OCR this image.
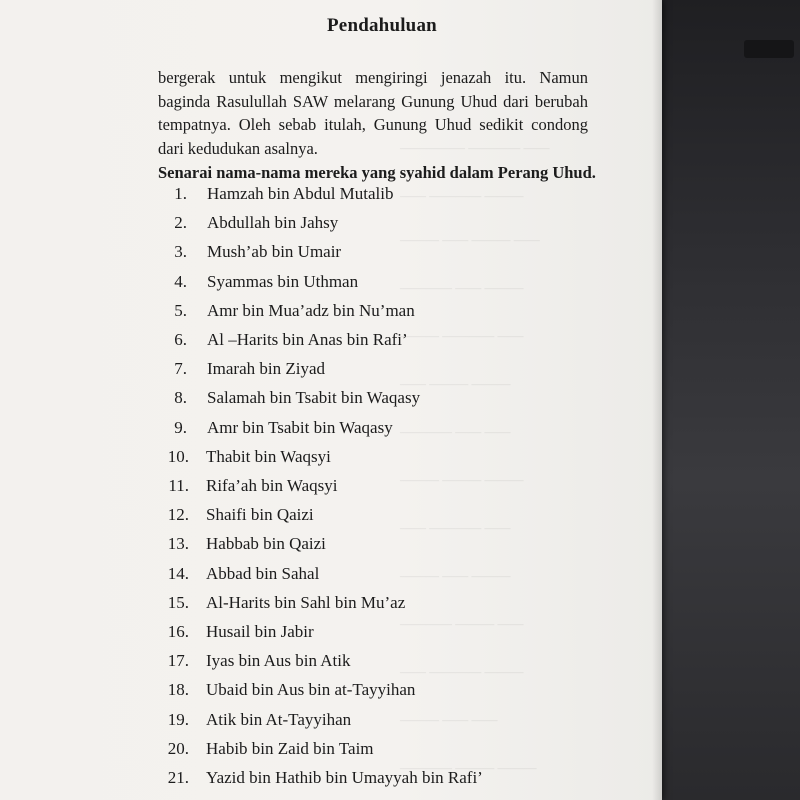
—— ———— —————
——— ———— ——
—— ——— —— ———
——— —— ————
—— ———— ———
——— ——— ——
—— —— ————
——— ——— ———
—— ———— ——
——— —— ———
—— ——— ————
——— ———— ——
—— —— ———
——— ——— ————
Pendahuluan

bergerak untuk mengikut mengiringi jenazah itu. Namun baginda Rasulullah SAW melarang Gunung Uhud dari berubah tempatnya. Oleh sebab itulah, Gunung Uhud sedikit condong dari kedudukan asalnya.

Senarai nama-nama mereka yang syahid dalam Perang Uhud.

1. Hamzah bin Abdul Mutalib
2. Abdullah bin Jahsy
3. Mush’ab bin Umair
4. Syammas bin Uthman
5. Amr bin Mua’adz bin Nu’man
6. Al –Harits bin Anas bin Rafi’
7. Imarah bin Ziyad
8. Salamah bin Tsabit bin Waqasy
9. Amr bin Tsabit bin Waqasy
10. Thabit bin Waqsyi
11. Rifa’ah bin Waqsyi
12. Shaifi bin Qaizi
13. Habbab bin Qaizi
14. Abbad bin Sahal
15. Al-Harits bin Sahl bin Mu’az
16. Husail bin Jabir
17. Iyas bin Aus bin Atik
18. Ubaid bin Aus bin at-Tayyihan
19. Atik bin At-Tayyihan
20. Habib bin Zaid bin Taim
21. Yazid bin Hathib bin Umayyah bin Rafi’
